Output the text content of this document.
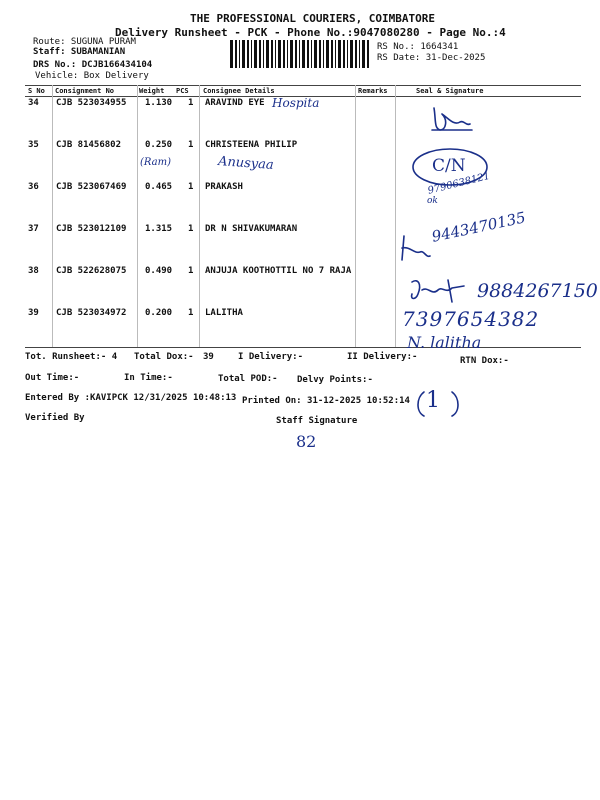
THE PROFESSIONAL COURIERS, COIMBATORE
Delivery Runsheet - PCK - Phone No.:9047080280 - Page No.:4
Route: SUGUNA PURAM
Staff: SUBAMANIAN
DRS No.: DCJB166434104
Vehicle: Box Delivery
RS No.: 1664341
RS Date: 31-Dec-2025
S No Consignment No	Weight PCS Consignee Details	Remarks	Seal & Signature
34 CJB 523034955 1.130 1 ARAVIND EYE
35 CJB 81456802	0.250 1 CHRISTEENA PHILIP
36 CJB 523067469 0.465 1 PRAKASH
37 CJB 523012109 1.315 1 DR N SHIVAKUMARAN
38 CJB 522628075 0.490 1 ANJUJA KOOTHOTTIL NO 7 RAJA
39 CJB 523034972 0.200 1 LALITHA
Hospita
(Ram)	Anusyaa
ok
9790638121
9443470135
9884267150
7397654382
N. lalitha
C/N
Tot. Runsheet:- 4 Total Dox:- 39	I Delivery:-	II Delivery:-	RTN Dox:-
Out Time:-	In Time:-	Total POD:- Delvy Points:-
Entered By :KAVIPCK 12/31/2025 10:48:13 Printed On: 31-12-2025 10:52:14 1
Verified By	Staff Signature
82
